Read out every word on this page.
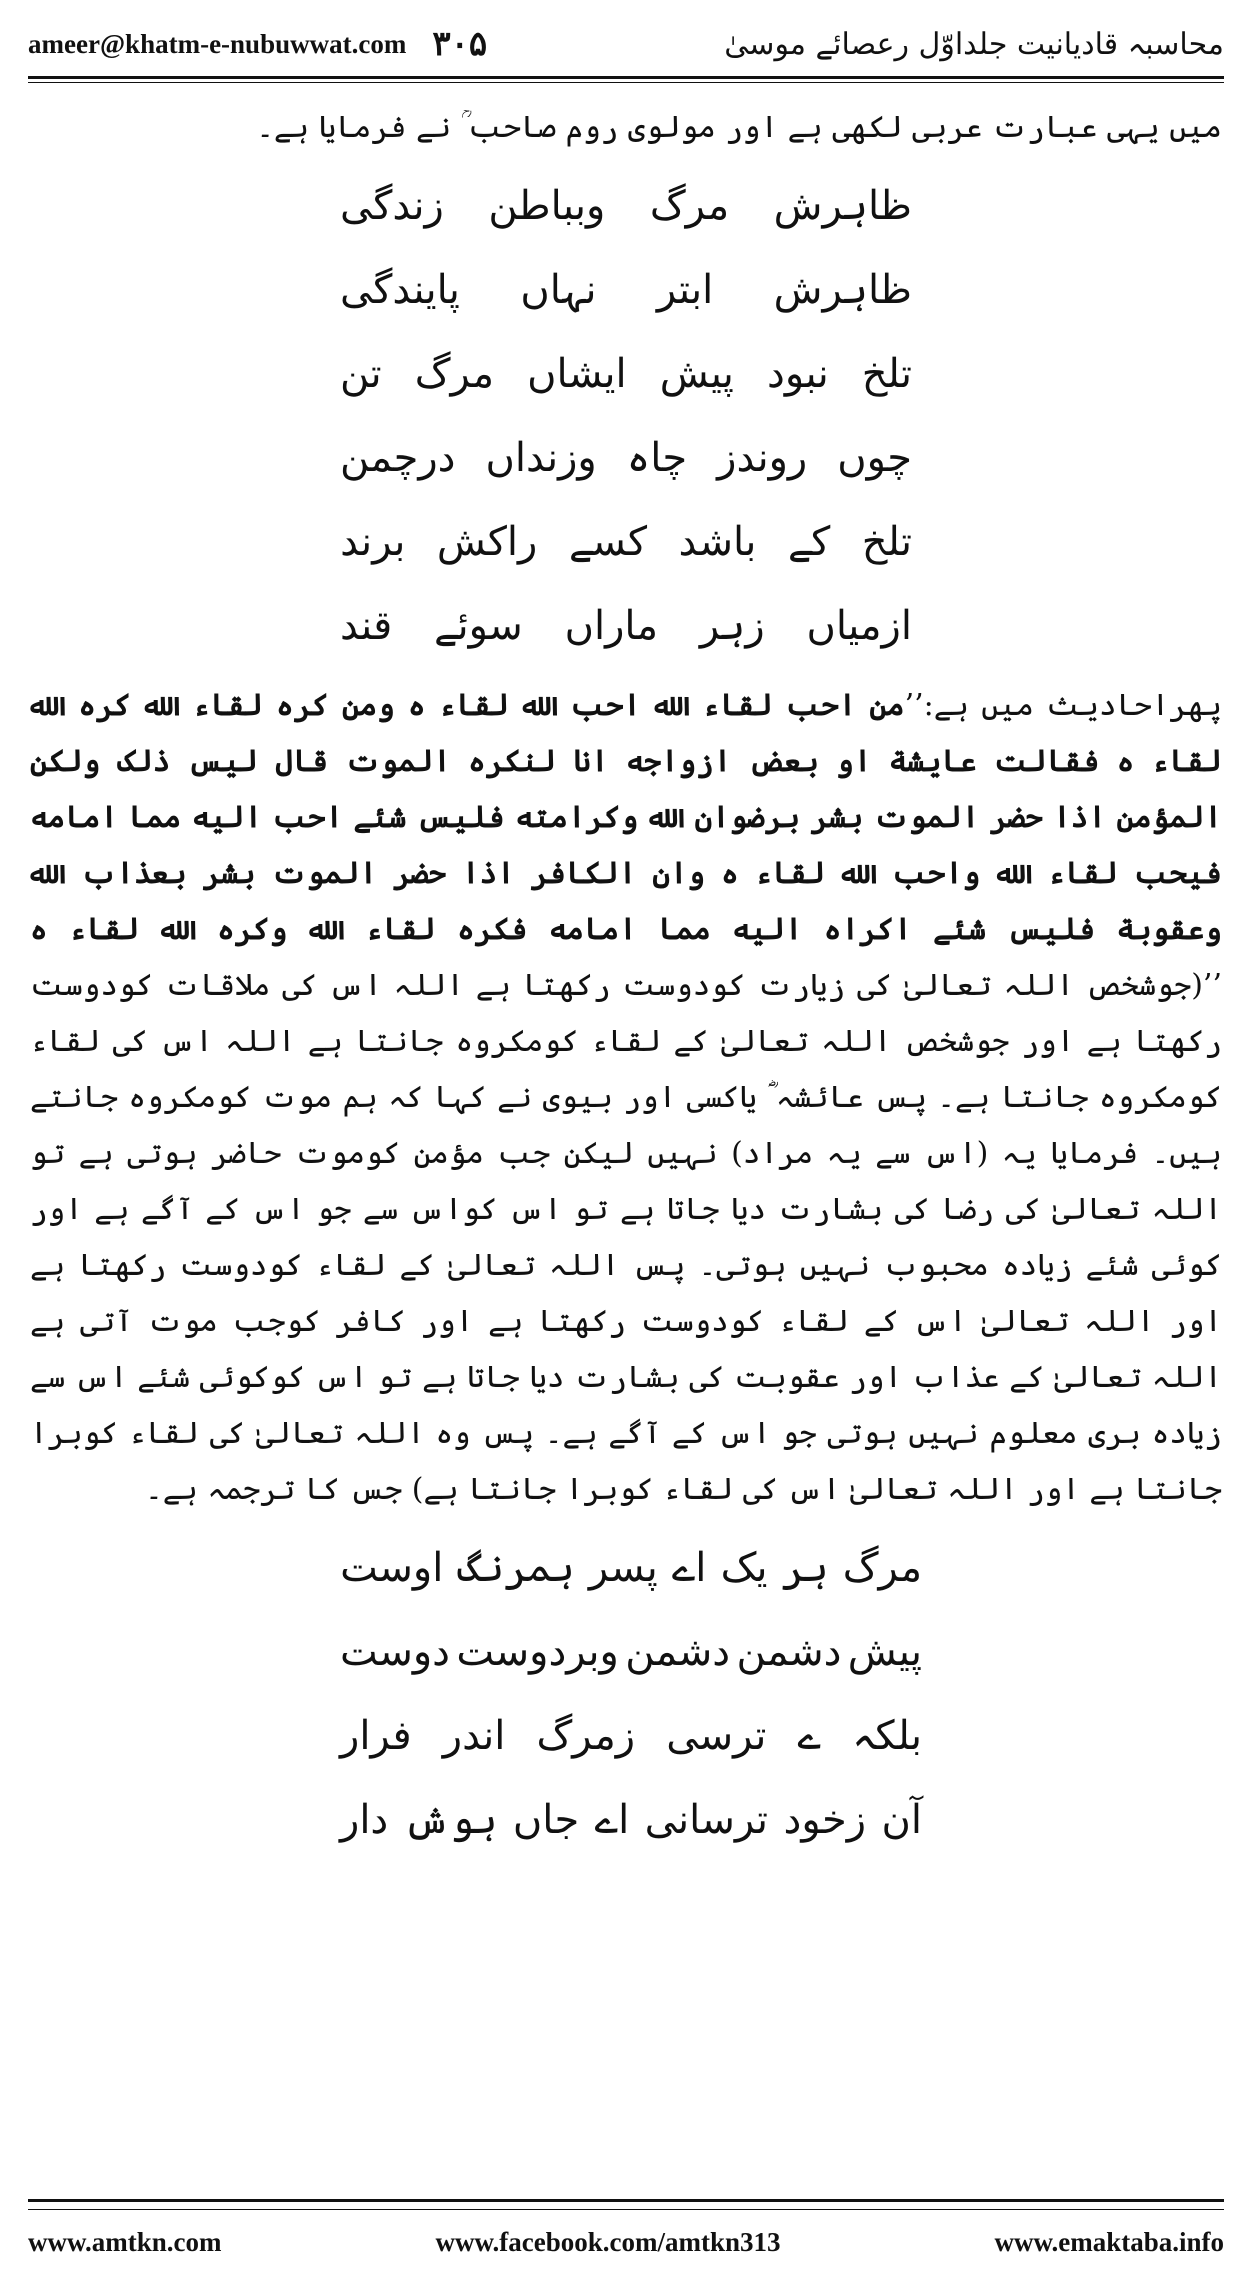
ameer@khatm-e-nubuwwat.com ۳۰۵	محاسبہ قادیانیت جلداوّل رعصائے موسیٰ

میں یہی عبارت عربی لکھی ہے اور مولوی روم صاحب ؒ نے فرمایا ہے۔

ظاہرش
مرگ
وبباطن
زندگی
ظاہرش
ابتر
نہاں
پایندگی
تلخ
نبود
پیش
ایشاں
مرگ
تن
چوں
روندز
چاہ
وزنداں
درچمن
تلخ
کے
باشد
کسے
راکش
برند
ازمیاں
زہر
ماراں
سوئے
قند

پھراحادیث میں ہے:’’من احب لقاء الله احب الله لقاء ہ ومن کرہ لقاء الله کرہ الله لقاء ہ فقالت عایشة او بعض ازواجه انا لنکرہ الموت قال لیس ذلک ولکن المؤمن اذا حضر الموت بشر برضوان الله وکرامته فلیس شئے احب الیه مما امامه فیحب لقاء الله واحب الله لقاء ہ وان الکافر اذا حضر الموت بشر بعذاب الله وعقوبة فلیس شئے اکراہ الیه مما امامه فکرہ لقاء الله وکرہ الله لقاء ہ ’’(جوشخص اللہ تعالیٰ کی زیارت کودوست رکھتا ہے اللہ اس کی ملاقات کودوست رکھتا ہے اور جوشخص اللہ تعالیٰ کے لقاء کومکروہ جانتا ہے اللہ اس کی لقاء کومکروہ جانتا ہے۔ پس عائشہ ؓ یاکسی اور بیوی نے کہا کہ ہم موت کومکروہ جانتے ہیں۔ فرمایا یہ (اس سے یہ مراد) نہیں لیکن جب مؤمن کوموت حاضر ہوتی ہے تو اللہ تعالیٰ کی رضا کی بشارت دیا جاتا ہے تو اس کواس سے جو اس کے آگے ہے اور کوئی شئے زیادہ محبوب نہیں ہوتی۔ پس اللہ تعالیٰ کے لقاء کودوست رکھتا ہے اور اللہ تعالیٰ اس کے لقاء کودوست رکھتا ہے اور کافر کوجب موت آتی ہے اللہ تعالیٰ کے عذاب اور عقوبت کی بشارت دیا جاتا ہے تو اس کوکوئی شئے اس سے زیادہ بری معلوم نہیں ہوتی جو اس کے آگے ہے۔ پس وہ اللہ تعالیٰ کی لقاء کوبرا جانتا ہے اور اللہ تعالیٰ اس کی لقاء کوبرا جانتا ہے) جس کا ترجمہ ہے۔

مرگ
ہر
یک
اے
پسر
ہمرنگ
اوست
پیش
دشمن
دشمن
وبردوست
دوست
بلکہ
ے
ترسی
زمرگ
اندر
فرار
آن
زخود
ترسانی
اے
جاں
ہوش
دار
www.amtkn.com	www.facebook.com/amtkn313	www.emaktaba.info
